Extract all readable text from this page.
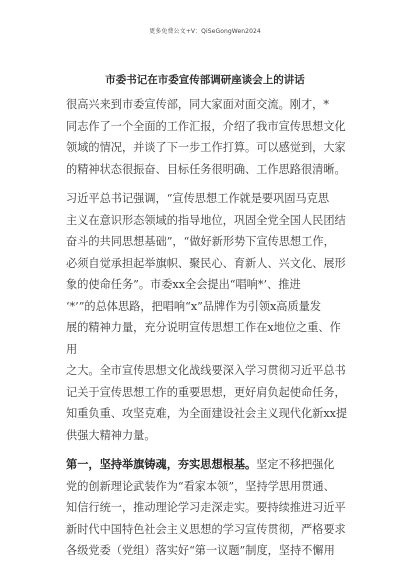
更多免费公文+V：QiSeGongWen2024
市委书记在市委宣传部调研座谈会上的讲话
很高兴来到市委宣传部，同大家面对面交流。刚才，*
同志作了一个全面的工作汇报，介绍了我市宣传思想文化
领域的情况，并谈了下一步工作打算。可以感觉到，大家
的精神状态很振奋、目标任务很明确、工作思路很清晰。
习近平总书记强调，“宣传思想工作就是要巩固马克思
主义在意识形态领域的指导地位，巩固全党全国人民团结
奋斗的共同思想基础”，“做好新形势下宣传思想工作，
必须自觉承担起举旗帜、聚民心、育新人、兴文化、展形
象的使命任务”。市委xx全会提出“唱响*’、推进
‘*’”的总体思路，把唱响“x”品牌作为引领x高质量发
展的精神力量，充分说明宣传思想工作在x地位之重、作用
之大。全市宣传思想文化战线要深入学习贯彻习近平总书
记关于宣传思想工作的重要思想，更好肩负起使命任务，
知重负重、攻坚克难，为全面建设社会主义现代化新xx提
供强大精神力量。
第一，坚持举旗铸魂，夯实思想根基。坚定不移把强化
党的创新理论武装作为“看家本领”，坚持学思用贯通、
知信行统一，推动理论学习走深走实。要持续推进习近平
新时代中国特色社会主义思想的学习宣传贯彻，严格要求
各级党委（党组）落实好“第一议题”制度，坚持不懈用
